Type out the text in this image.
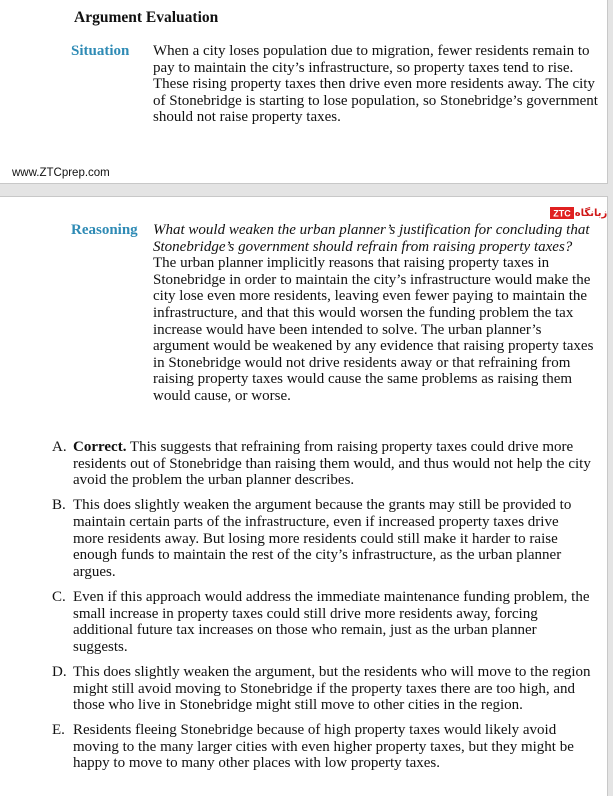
Argument Evaluation
Situation When a city loses population due to migration, fewer residents remain to pay to maintain the city’s infrastructure, so property taxes tend to rise. These rising property taxes then drive even more residents away. The city of Stonebridge is starting to lose population, so Stonebridge’s government should not raise property taxes.
www.ZTCprep.com
ZTC زبانگاه
Reasoning What would weaken the urban planner’s justification for concluding that Stonebridge’s government should refrain from raising property taxes? The urban planner implicitly reasons that raising property taxes in Stonebridge in order to maintain the city’s infrastructure would make the city lose even more residents, leaving even fewer paying to maintain the infrastructure, and that this would worsen the funding problem the tax increase would have been intended to solve. The urban planner’s argument would be weakened by any evidence that raising property taxes in Stonebridge would not drive residents away or that refraining from raising property taxes would cause the same problems as raising them would cause, or worse.
A. Correct. This suggests that refraining from raising property taxes could drive more residents out of Stonebridge than raising them would, and thus would not help the city avoid the problem the urban planner describes.
B. This does slightly weaken the argument because the grants may still be provided to maintain certain parts of the infrastructure, even if increased property taxes drive more residents away. But losing more residents could still make it harder to raise enough funds to maintain the rest of the city’s infrastructure, as the urban planner argues.
C. Even if this approach would address the immediate maintenance funding problem, the small increase in property taxes could still drive more residents away, forcing additional future tax increases on those who remain, just as the urban planner suggests.
D. This does slightly weaken the argument, but the residents who will move to the region might still avoid moving to Stonebridge if the property taxes there are too high, and those who live in Stonebridge might still move to other cities in the region.
E. Residents fleeing Stonebridge because of high property taxes would likely avoid moving to the many larger cities with even higher property taxes, but they might be happy to move to many other places with low property taxes.
